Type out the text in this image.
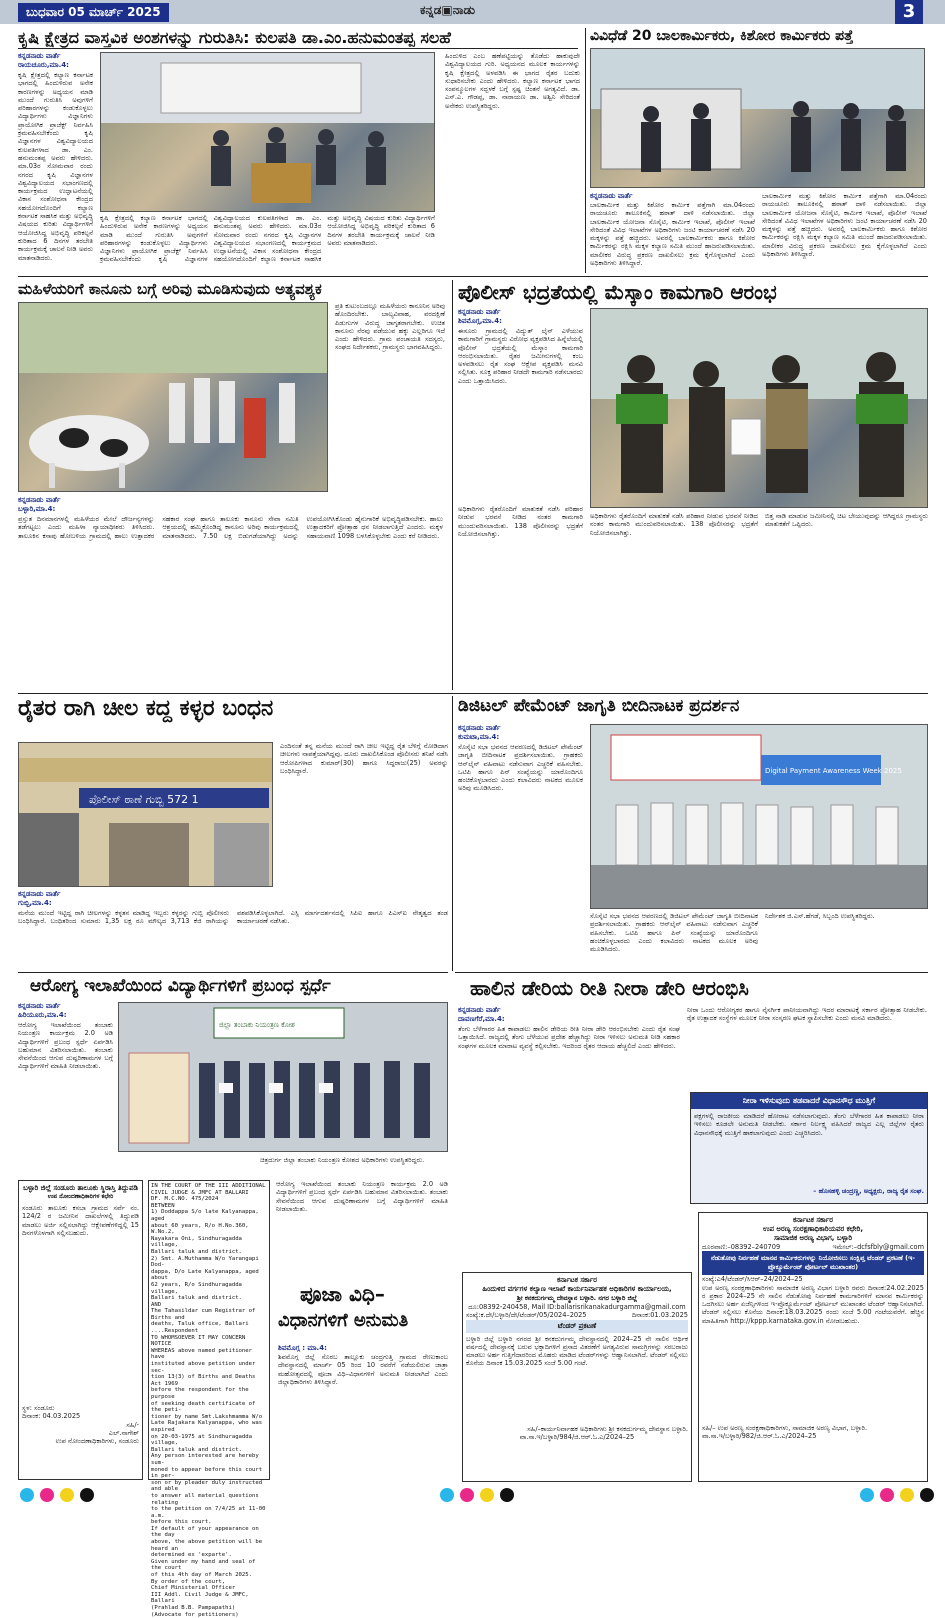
ಬುಧವಾರ 05 ಮಾರ್ಚ್ 2025	ಕನ್ನಡ▣ನಾಡು	3
ಕೃಷಿ ಕ್ಷೇತ್ರದ ವಾಸ್ತವಿಕ ಅಂಶಗಳನ್ನು ಗುರುತಿಸಿ: ಕುಲಪತಿ ಡಾ.ಎಂ.ಹನುಮಂತಪ್ಪ ಸಲಹೆ
ಕನ್ನಡನಾಡು ವಾರ್ತೆ
ರಾಯಚೂರು,ಮಾ.4:
ಕೃಷಿ ಕ್ಷೇತ್ರದಲ್ಲಿ ಕಲ್ಯಾಣ ಕರ್ನಾಟಕ ಭಾಗದಲ್ಲಿ ಹಿಂದುಳಿರುವ ಅನೇಕ ಕಾರಣಗಳನ್ನು ಅಧ್ಯಯನ ಮಾಡಿ ಮುಂದೆ ಗುರುತಿಸಿ ಅವುಗಳಿಗೆ ಪರಿಹಾರಗಳನ್ನು ಕಂಡುಕೊಳ್ಳಲು ವಿದ್ಯಾರ್ಥಿಗಳು ವಿಜ್ಞಾನಿಗಳು ಪ್ರಾಯೋಗಿಕ ಪ್ರಾಜೆಕ್ಟ್ ನಿರ್ವಹಿಸಿ ಕ್ರಮವಹಿಸಬೇಕೆಂದು ಕೃಷಿ ವಿಜ್ಞಾನಗಳ ವಿಶ್ವವಿದ್ಯಾಲಯದ ಕುಲಪತಿಗಳಾದ ಡಾ. ಎಂ. ಹನುಮಂತಪ್ಪ ಅವರು ಹೇಳಿದರು. ಮಾ.03ರ ಸೋಮವಾರ ರಂದು ನಗರದ ಕೃಷಿ ವಿಜ್ಞಾನಗಳ ವಿಶ್ವವಿದ್ಯಾಲಯದ ಸಭಾಂಗಣದಲ್ಲಿ ಕಾರ್ಯಕ್ರಮದ ಉದ್ಘಾಟನೆಯಲ್ಲಿ ವಿಕಾಸ ಸಂಶೋಧನಾ ಕೇಂದ್ರದ ಸಹಯೋಗದೊಂದಿಗೆ ಕಲ್ಯಾಣ ಕರ್ನಾಟಕ ಸಾಹಸಿಕ ಮತ್ತು ಅಭಿವೃದ್ಧಿ ವಿಷಯದ ಕುರಿತು ವಿದ್ಯಾರ್ಥಿಗಳಿಗೆ ಆಯೋಜಿಸಿದ್ದ ಅಭಿವೃದ್ಧಿ ಪರಿಕಲ್ಪನೆ ಕುರಿತಾದ 6 ದಿನಗಳ ತರಬೇತಿ ಕಾರ್ಯಕ್ರಮಕ್ಕೆ ಚಾಲನೆ ನೀಡಿ ಅವರು ಮಾತನಾಡಿದರು.
ಕೃಷಿ ಕ್ಷೇತ್ರದಲ್ಲಿ ಕಲ್ಯಾಣ ಕರ್ನಾಟಕ ಭಾಗದಲ್ಲಿ ಹಿಂದುಳಿರುವ ಅನೇಕ ಕಾರಣಗಳನ್ನು ಅಧ್ಯಯನ ಮಾಡಿ ಮುಂದೆ ಗುರುತಿಸಿ ಅವುಗಳಿಗೆ ಪರಿಹಾರಗಳನ್ನು ಕಂಡುಕೊಳ್ಳಲು ವಿದ್ಯಾರ್ಥಿಗಳು ವಿಜ್ಞಾನಿಗಳು ಪ್ರಾಯೋಗಿಕ ಪ್ರಾಜೆಕ್ಟ್ ನಿರ್ವಹಿಸಿ ಕ್ರಮವಹಿಸಬೇಕೆಂದು ಕೃಷಿ ವಿಜ್ಞಾನಗಳ ವಿಶ್ವವಿದ್ಯಾಲಯದ ಕುಲಪತಿಗಳಾದ ಡಾ. ಎಂ. ಹನುಮಂತಪ್ಪ ಅವರು ಹೇಳಿದರು. ಮಾ.03ರ ಸೋಮವಾರ ರಂದು ನಗರದ ಕೃಷಿ ವಿಜ್ಞಾನಗಳ ವಿಶ್ವವಿದ್ಯಾಲಯದ ಸಭಾಂಗಣದಲ್ಲಿ ಕಾರ್ಯಕ್ರಮದ ಉದ್ಘಾಟನೆಯಲ್ಲಿ ವಿಕಾಸ ಸಂಶೋಧನಾ ಕೇಂದ್ರದ ಸಹಯೋಗದೊಂದಿಗೆ ಕಲ್ಯಾಣ ಕರ್ನಾಟಕ ಸಾಹಸಿಕ ಮತ್ತು ಅಭಿವೃದ್ಧಿ ವಿಷಯದ ಕುರಿತು ವಿದ್ಯಾರ್ಥಿಗಳಿಗೆ ಆಯೋಜಿಸಿದ್ದ ಅಭಿವೃದ್ಧಿ ಪರಿಕಲ್ಪನೆ ಕುರಿತಾದ 6 ದಿನಗಳ ತರಬೇತಿ ಕಾರ್ಯಕ್ರಮಕ್ಕೆ ಚಾಲನೆ ನೀಡಿ ಅವರು ಮಾತನಾಡಿದರು.
ಹಿಂದುಳಿದ ಎಂಬ ಹಣೆಪಟ್ಟಿಯನ್ನು ತೊಡೆದು ಹಾಕುವುದೇ ವಿಶ್ವವಿದ್ಯಾಲಯದ ಗುರಿ. ಅಧ್ಯಯನದ ಮೂಲಕ ಕಾರ್ಯಗಳನ್ನು ಕೃಷಿ ಕ್ಷೇತ್ರದಲ್ಲಿ ಅಳವಡಿಸಿ ಈ ಭಾಗದ ರೈತರ ಬದುಕು ಸುಧಾರಿಸಬೇಕು ಎಂದು ಹೇಳಿದರು. ಕಲ್ಯಾಣ ಕರ್ನಾಟಕ ಭಾಗದ ಸಂಪನ್ಮೂಲಗಳ ಸದ್ಬಳಕೆ ಬಗ್ಗೆ ಸ್ಪಷ್ಟ ಚಿಂತನೆ ಅಗತ್ಯವಿದೆ. ಡಾ. ಎಸ್.ಎ. ಗೌಡಪ್ಪ, ಡಾ. ನಾರಾಯಣ ಡಾ. ಅಶ್ವಿನಿ ಸೇರಿದಂತೆ ಅನೇಕರು ಉಪಸ್ಥಿತರಿದ್ದರು.
ವಿವಿಧೆಡೆ 20 ಬಾಲಕಾರ್ಮಿಕರು, ಕಿಶೋರ ಕಾರ್ಮಿಕರು ಪತ್ತೆ
ಕನ್ನಡನಾಡು ವಾರ್ತೆ
ಬಾಲಕಾರ್ಮಿಕ ಮತ್ತು ಕಿಶೋರ ಕಾರ್ಮಿಕ ಪತ್ತೆಗಾಗಿ ಮಾ.04ರಂದು ರಾಯಚೂರು ತಾಲೂಕಿನಲ್ಲಿ ಹಠಾತ್ ದಾಳಿ ನಡೆಸಲಾಯಿತು. ಜಿಲ್ಲಾ ಬಾಲಕಾರ್ಮಿಕ ಯೋಜನಾ ಸೊಸೈಟಿ, ಕಾರ್ಮಿಕ ಇಲಾಖೆ, ಪೊಲೀಸ್ ಇಲಾಖೆ ಸೇರಿದಂತೆ ವಿವಿಧ ಇಲಾಖೆಗಳ ಅಧಿಕಾರಿಗಳು ಜಂಟಿ ಕಾರ್ಯಾಚರಣೆ ನಡೆಸಿ 20 ಮಕ್ಕಳನ್ನು ಪತ್ತೆ ಹಚ್ಚಿದರು. ಅವರಲ್ಲಿ ಬಾಲಕಾರ್ಮಿಕರು ಹಾಗೂ ಕಿಶೋರ ಕಾರ್ಮಿಕರನ್ನು ರಕ್ಷಿಸಿ ಮಕ್ಕಳ ಕಲ್ಯಾಣ ಸಮಿತಿ ಮುಂದೆ ಹಾಜರುಪಡಿಸಲಾಯಿತು. ಮಾಲೀಕರ ವಿರುದ್ಧ ಪ್ರಕರಣ ದಾಖಲಿಸಲು ಕ್ರಮ ಕೈಗೊಳ್ಳಲಾಗಿದೆ ಎಂದು ಅಧಿಕಾರಿಗಳು ತಿಳಿಸಿದ್ದಾರೆ.
ಬಾಲಕಾರ್ಮಿಕ ಮತ್ತು ಕಿಶೋರ ಕಾರ್ಮಿಕ ಪತ್ತೆಗಾಗಿ ಮಾ.04ರಂದು ರಾಯಚೂರು ತಾಲೂಕಿನಲ್ಲಿ ಹಠಾತ್ ದಾಳಿ ನಡೆಸಲಾಯಿತು. ಜಿಲ್ಲಾ ಬಾಲಕಾರ್ಮಿಕ ಯೋಜನಾ ಸೊಸೈಟಿ, ಕಾರ್ಮಿಕ ಇಲಾಖೆ, ಪೊಲೀಸ್ ಇಲಾಖೆ ಸೇರಿದಂತೆ ವಿವಿಧ ಇಲಾಖೆಗಳ ಅಧಿಕಾರಿಗಳು ಜಂಟಿ ಕಾರ್ಯಾಚರಣೆ ನಡೆಸಿ 20 ಮಕ್ಕಳನ್ನು ಪತ್ತೆ ಹಚ್ಚಿದರು. ಅವರಲ್ಲಿ ಬಾಲಕಾರ್ಮಿಕರು ಹಾಗೂ ಕಿಶೋರ ಕಾರ್ಮಿಕರನ್ನು ರಕ್ಷಿಸಿ ಮಕ್ಕಳ ಕಲ್ಯಾಣ ಸಮಿತಿ ಮುಂದೆ ಹಾಜರುಪಡಿಸಲಾಯಿತು. ಮಾಲೀಕರ ವಿರುದ್ಧ ಪ್ರಕರಣ ದಾಖಲಿಸಲು ಕ್ರಮ ಕೈಗೊಳ್ಳಲಾಗಿದೆ ಎಂದು ಅಧಿಕಾರಿಗಳು ತಿಳಿಸಿದ್ದಾರೆ.
ಮಹಿಳೆಯರಿಗೆ ಕಾನೂನು ಬಗ್ಗೆ ಅರಿವು ಮೂಡಿಸುವುದು ಅತ್ಯವಶ್ಯಕ
ಪ್ರತಿ ಕುಟುಂಬದಲ್ಲೂ ಮಹಿಳೆಯರು ಕಾನೂನಿನ ಅರಿವು ಹೊಂದಿರಬೇಕು. ಬಾಲ್ಯವಿವಾಹ, ವರದಕ್ಷಿಣೆ ಪಿಡುಗುಗಳ ವಿರುದ್ಧ ಜಾಗೃತರಾಗಬೇಕು. ಉಚಿತ ಕಾನೂನು ನೆರವು ಪಡೆಯುವ ಹಕ್ಕು ಎಲ್ಲರಿಗೂ ಇದೆ ಎಂದು ಹೇಳಿದರು. ಗ್ರಾಮ ಪಂಚಾಯತಿ ಸದಸ್ಯರು, ಸಂಘದ ನಿರ್ದೇಶಕರು, ಗ್ರಾಮಸ್ಥರು ಭಾಗವಹಿಸಿದ್ದರು.
ಕನ್ನಡನಾಡು ವಾರ್ತೆ
ಬಳ್ಳಾರಿ,ಮಾ.4:
ಪ್ರಸ್ತುತ ದಿನಮಾನಗಳಲ್ಲಿ ಮಹಿಳೆಯರ ಮೇಲೆ ದೌರ್ಜನ್ಯಗಳನ್ನು ತಡೆಗಟ್ಟಲು ಎಂದು ಮಹಿಳಾ ನ್ಯಾಯಾಧೀಶರು ತಿಳಿಸಿದರು. ತಾಲೂಕಿನ ಕಸಾಪು ಹೋಬಳಿಯ ಗ್ರಾಮದಲ್ಲಿ ಹಾಲು ಉತ್ಪಾದಕರ ಸಹಕಾರ ಸಂಘ ಹಾಗೂ ತಾಲೂಕು ಕಾನೂನು ಸೇವಾ ಸಮಿತಿ ಆಶ್ರಯದಲ್ಲಿ ಹಮ್ಮಿಕೊಂಡಿದ್ದ ಕಾನೂನು ಅರಿವು ಕಾರ್ಯಕ್ರಮದಲ್ಲಿ ಮಾತನಾಡಿದರು. 7.50 ಲಕ್ಷ ಬಿಡುಗಡೆಯಾಗಿದ್ದು ಅದನ್ನು ಉಪಯೋಗಿಸಿಕೊಂಡು ಹೈನುಗಾರಿಕೆ ಅಭಿವೃದ್ಧಿಪಡಿಸಬೇಕು. ಹಾಲು ಉತ್ಪಾದಕರಿಗೆ ಪ್ರೋತ್ಸಾಹ ಧನ ನೀಡಲಾಗುತ್ತಿದೆ ಎಂದರು. ಮಕ್ಕಳ ಸಹಾಯವಾಣಿ 1098 ಬಳಸಿಕೊಳ್ಳಬೇಕು ಎಂದು ಕರೆ ನೀಡಿದರು.
ಪೊಲೀಸ್ ಭದ್ರತೆಯಲ್ಲಿ ಮೆಸ್ಕಾಂ ಕಾಮಗಾರಿ ಆರಂಭ
ಕನ್ನಡನಾಡು ವಾರ್ತೆ
ಶಿವಮೊಗ್ಗ,ಮಾ.4:
ಈಸೂರು ಗ್ರಾಮದಲ್ಲಿ ವಿದ್ಯುತ್ ಲೈನ್ ಎಳೆಯುವ ಕಾಮಗಾರಿಗೆ ಗ್ರಾಮಸ್ಥರು ವಿರೋಧ ವ್ಯಕ್ತಪಡಿಸಿದ ಹಿನ್ನೆಲೆಯಲ್ಲಿ ಪೊಲೀಸ್ ಭದ್ರತೆಯಲ್ಲಿ ಮೆಸ್ಕಾಂ ಕಾಮಗಾರಿ ಆರಂಭಿಸಲಾಯಿತು. ರೈತರ ಜಮೀನುಗಳಲ್ಲಿ ಕಂಬ ಅಳವಡಿಸಲು ರೈತ ಸಂಘ ಆಕ್ಷೇಪ ವ್ಯಕ್ತಪಡಿಸಿ ಮನವಿ ಸಲ್ಲಿಸಿತು. ಸೂಕ್ತ ಪರಿಹಾರ ನೀಡದೇ ಕಾಮಗಾರಿ ನಡೆಸಬಾರದು ಎಂದು ಒತ್ತಾಯಿಸಿದರು.
ಅಧಿಕಾರಿಗಳು ರೈತರೊಂದಿಗೆ ಮಾತುಕತೆ ನಡೆಸಿ ಪರಿಹಾರ ನೀಡುವ ಭರವಸೆ ನೀಡಿದ ನಂತರ ಕಾಮಗಾರಿ ಮುಂದುವರಿಸಲಾಯಿತು. 138 ಪೊಲೀಸರನ್ನು ಭದ್ರತೆಗೆ ನಿಯೋಜಿಸಲಾಗಿತ್ತು.
ಬಿತ್ತ ನಾಡಿ ಮಾಡುವ ಜಮೀನಿನಲ್ಲಿ ಚಿಟ ಬೇಯುವುದನ್ನು ಆಗಿದ್ದರೂ ಗ್ರಾಮಸ್ಥರು ಮಾತುಕತೆಗೆ ಒಪ್ಪಿದರು.
ಅಧಿಕಾರಿಗಳು ರೈತರೊಂದಿಗೆ ಮಾತುಕತೆ ನಡೆಸಿ ಪರಿಹಾರ ನೀಡುವ ಭರವಸೆ ನೀಡಿದ ನಂತರ ಕಾಮಗಾರಿ ಮುಂದುವರಿಸಲಾಯಿತು. 138 ಪೊಲೀಸರನ್ನು ಭದ್ರತೆಗೆ ನಿಯೋಜಿಸಲಾಗಿತ್ತು.
ರೈತರ ರಾಗಿ ಚೀಲ ಕದ್ದ ಕಳ್ಳರ ಬಂಧನ
ಪೊಲೀಸ್ ಠಾಣೆ ಗುಬ್ಬಿ 572 1
ಎಂದಿನಂತೆ ತನ್ನ ಮನೆಯ ಮುಂದೆ ರಾಗಿ ಚೀಲ ಇಟ್ಟಿದ್ದ ರೈತ ಬೆಳಿಗ್ಗೆ ನೋಡಿದಾಗ ಚೀಲಗಳು ನಾಪತ್ತೆಯಾಗಿದ್ದವು. ದೂರು ದಾಖಲಿಸಿಕೊಂಡ ಪೊಲೀಸರು ತನಿಖೆ ನಡೆಸಿ ಆರೋಪಿಗಳಾದ ಕುಮಾರ್(30) ಹಾಗೂ ಸಿದ್ದರಾಜು(25) ಅವರನ್ನು ಬಂಧಿಸಿದ್ದಾರೆ.
ಕನ್ನಡನಾಡು ವಾರ್ತೆ
ಗುಬ್ಬಿ,ಮಾ.4:
ಮನೆಯ ಮುಂದೆ ಇಟ್ಟಿದ್ದ ರಾಗಿ ಚೀಲಗಳನ್ನು ಕಳ್ಳತನ ಮಾಡಿದ್ದ ಇಬ್ಬರು ಕಳ್ಳರನ್ನು ಗುಬ್ಬಿ ಪೊಲೀಸರು ಬಂಧಿಸಿದ್ದಾರೆ. ಬಂಧಿತರಿಂದ ಸುಮಾರು 1,35 ಲಕ್ಷ ರೂ ಮೌಲ್ಯದ 3,713 ಕೆಜಿ ರಾಗಿಯನ್ನು ವಶಪಡಿಸಿಕೊಳ್ಳಲಾಗಿದೆ. ಎಸ್ಪಿ ಮಾರ್ಗದರ್ಶನದಲ್ಲಿ ಸಿಪಿಐ ಹಾಗೂ ಪಿಎಸ್ಐ ನೇತೃತ್ವದ ತಂಡ ಕಾರ್ಯಾಚರಣೆ ನಡೆಸಿತು.
ಡಿಜಿಟಲ್ ಪೇಮೆಂಟ್ ಜಾಗೃತಿ ಬೀದಿನಾಟಕ ಪ್ರದರ್ಶನ
ಕನ್ನಡನಾಡು ವಾರ್ತೆ
ಕುಮಟಾ,ಮಾ.4:
ಸೊಸೈಟಿ ಸಭಾ ಭವನದ ಆವರಣದಲ್ಲಿ ಡಿಜಿಟಲ್ ಪೇಮೆಂಟ್ ಜಾಗೃತಿ ಬೀದಿನಾಟಕ ಪ್ರದರ್ಶಿಸಲಾಯಿತು. ಗ್ರಾಹಕರು ಆನ್‌ಲೈನ್ ವಹಿವಾಟು ನಡೆಸುವಾಗ ಎಚ್ಚರಿಕೆ ವಹಿಸಬೇಕು. ಒಟಿಪಿ ಹಾಗೂ ಪಿನ್ ಸಂಖ್ಯೆಯನ್ನು ಯಾರೊಂದಿಗೂ ಹಂಚಿಕೊಳ್ಳಬಾರದು ಎಂದು ಕಲಾವಿದರು ನಾಟಕದ ಮೂಲಕ ಅರಿವು ಮೂಡಿಸಿದರು.
Digital Payment Awareness Week 2025
ಸೊಸೈಟಿ ಸಭಾ ಭವನದ ಆವರಣದಲ್ಲಿ ಡಿಜಿಟಲ್ ಪೇಮೆಂಟ್ ಜಾಗೃತಿ ಬೀದಿನಾಟಕ ಪ್ರದರ್ಶಿಸಲಾಯಿತು. ಗ್ರಾಹಕರು ಆನ್‌ಲೈನ್ ವಹಿವಾಟು ನಡೆಸುವಾಗ ಎಚ್ಚರಿಕೆ ವಹಿಸಬೇಕು. ಒಟಿಪಿ ಹಾಗೂ ಪಿನ್ ಸಂಖ್ಯೆಯನ್ನು ಯಾರೊಂದಿಗೂ ಹಂಚಿಕೊಳ್ಳಬಾರದು ಎಂದು ಕಲಾವಿದರು ನಾಟಕದ ಮೂಲಕ ಅರಿವು ಮೂಡಿಸಿದರು.
ನಿರ್ದೇಶಕ ಜಿ.ಎಸ್.ಹೆಗಡೆ, ಸಿಬ್ಬಂದಿ ಉಪಸ್ಥಿತರಿದ್ದರು.
ಹಾಲಿನ ಡೇರಿಯ ರೀತಿ ನೀರಾ ಡೇರಿ ಆರಂಭಿಸಿ
ಕನ್ನಡನಾಡು ವಾರ್ತೆ
ದಾವಣಗೆರೆ,ಮಾ.4:
ತೆಂಗು ಬೆಳೆಗಾರರ ಹಿತ ಕಾಪಾಡಲು ಹಾಲಿನ ಡೇರಿಯ ರೀತಿ ನೀರಾ ಡೇರಿ ಆರಂಭಿಸಬೇಕು ಎಂದು ರೈತ ಸಂಘ ಒತ್ತಾಯಿಸಿದೆ. ರಾಜ್ಯದಲ್ಲಿ ತೆಂಗು ಬೆಳೆಯುವ ಪ್ರದೇಶ ಹೆಚ್ಚಾಗಿದ್ದು ನೀರಾ ಇಳಿಸಲು ಅನುಮತಿ ನೀಡಿ ಸಹಕಾರ ಸಂಘಗಳ ಮೂಲಕ ಮಾರಾಟ ವ್ಯವಸ್ಥೆ ಕಲ್ಪಿಸಬೇಕು. ಇದರಿಂದ ರೈತರ ಆದಾಯ ಹೆಚ್ಚಲಿದೆ ಎಂದು ಹೇಳಿದರು.
ನೀರಾ ಒಂದು ಆರೋಗ್ಯಕರ ಹಾಗೂ ನೈಸರ್ಗಿಕ ಪಾನೀಯವಾಗಿದ್ದು ಇದರ ಮಾರಾಟಕ್ಕೆ ಸರ್ಕಾರ ಪ್ರೋತ್ಸಾಹ ನೀಡಬೇಕು. ರೈತ ಉತ್ಪಾದಕ ಸಂಸ್ಥೆಗಳ ಮೂಲಕ ನೀರಾ ಸಂಸ್ಕರಣ ಘಟಕ ಸ್ಥಾಪಿಸಬೇಕು ಎಂದು ಮನವಿ ಮಾಡಿದರು.
ನೀರಾ ಇಳಿಸುವುದು ತಡವಾದರೆ ವಿಧಾನಸೌಧ ಮುತ್ತಿಗೆ
ಪಕ್ಷಗಳಲ್ಲಿ ರಾಜಕೀಯ ಮಾಡಿದರೆ ಹೋರಾಟ ನಡೆಸಲಾಗುವುದು. ತೆಂಗು ಬೆಳೆಗಾರರ ಹಿತ ಕಾಪಾಡಲು ನೀರಾ ಇಳಿಸಲು ಕೂಡಲೇ ಅನುಮತಿ ನೀಡಬೇಕು. ಸರ್ಕಾರ ನಿರ್ಲಕ್ಷ್ಯ ವಹಿಸಿದರೆ ರಾಜ್ಯದ ಎಲ್ಲ ಜಿಲ್ಲೆಗಳ ರೈತರು ವಿಧಾನಸೌಧಕ್ಕೆ ಮುತ್ತಿಗೆ ಹಾಕಲಾಗುವುದು ಎಂದು ಎಚ್ಚರಿಸಿದರು.
– ಹೊಸಹಳ್ಳಿ ಚಂದ್ರಣ್ಣ, ಅಧ್ಯಕ್ಷರು, ರಾಜ್ಯ ರೈತ ಸಂಘ.
ಆರೋಗ್ಯ ಇಲಾಖೆಯಿಂದ ವಿದ್ಯಾರ್ಥಿಗಳಿಗೆ ಪ್ರಬಂಧ ಸ್ಪರ್ಧೆ
ಕನ್ನಡನಾಡು ವಾರ್ತೆ
ಹಿರಿಯೂರು,ಮಾ.4:
ಆರೋಗ್ಯ ಇಲಾಖೆಯಿಂದ ತಂಬಾಕು ನಿಯಂತ್ರಣ ಕಾರ್ಯಕ್ರಮ 2.0 ಅಡಿ ವಿದ್ಯಾರ್ಥಿಗಳಿಗೆ ಪ್ರಬಂಧ ಸ್ಪರ್ಧೆ ಏರ್ಪಡಿಸಿ ಬಹುಮಾನ ವಿತರಿಸಲಾಯಿತು. ತಂಬಾಕು ಸೇವನೆಯಿಂದ ಆಗುವ ದುಷ್ಪರಿಣಾಮಗಳ ಬಗ್ಗೆ ವಿದ್ಯಾರ್ಥಿಗಳಿಗೆ ಮಾಹಿತಿ ನೀಡಲಾಯಿತು.
ಜಿಲ್ಲಾ ತಂಬಾಕು ನಿಯಂತ್ರಣ ಕೋಶ
ಚಿತ್ರದುರ್ಗ ಜಿಲ್ಲಾ ತಂಬಾಕು ನಿಯಂತ್ರಣ ಕೋಶದ ಅಧಿಕಾರಿಗಳು ಉಪಸ್ಥಿತರಿದ್ದರು.
ಬಳ್ಳಾರಿ ಜಿಲ್ಲೆ ಸಂಡೂರು ತಾಲೂಕು ಸ್ಥಿರಾಸ್ತಿ ತಿದ್ದುಪಡಿ
ಉಪ ನೋಂದಣಾಧಿಕಾರಿಗಳ ಕಛೇರಿ
ಸಂಡೂರು ತಾಲೂಕು ಕಸಬಾ ಗ್ರಾಮದ ಸರ್ವೆ ನಂ. 124/2 ರ ಜಮೀನಿನ ದಾಖಲೆಗಳಲ್ಲಿ ತಿದ್ದುಪಡಿ ಮಾಡಲು ಅರ್ಜಿ ಸಲ್ಲಿಸಲಾಗಿದ್ದು ಆಕ್ಷೇಪಣೆಗಳಿದ್ದಲ್ಲಿ 15 ದಿನಗಳೊಳಗಾಗಿ ಸಲ್ಲಿಸಬಹುದು.
ಸ್ಥಳ: ಸಂಡೂರು
ದಿನಾಂಕ: 04.03.2025
ಸಹಿ/-
ಎಲ್.ನಾಗೇಶ್
ಉಪ ನೋಂದಣಾಧಿಕಾರಿಗಳು, ಸಂಡೂರು
IN THE COURT OF THE III ADDITIONAL
CIVIL JUDGE & JMFC AT BALLARI
DF. M.C.NO. 475/2024
BETWEEN
1) Doddappa S/o late Kalyanappa, aged
about 60 years, R/o H.No.360, W.No.2,
Nayakara Oni, Sindhuragadda village,
Ballari taluk and district.
2) Smt. A.Muthamma W/o Yarangapi Dod-
dappa, D/o Late Kalyanappa, aged about
62 years, R/o Sindhuragadda village,
Ballari taluk and district.
AND
The Tahasildar cum Registrar of Births and
deaths, Taluk office, Ballari
....Respondent
TO WHOMSOEVER IT MAY CONCERN
NOTICE
WHEREAS above named petitioner have
instituted above petition under sec-
tion 13(3) of Births and Deaths Act 1969
before the respondent for the purpose
of seeking death certificate of the peti-
tioner by name Smt.Lakshmamma W/o
Late Rajakara Kalyanappa, who was expired
on 20-03-1975 at Sindhuragadda village,
Ballari taluk and district.
Any person interested are hereby sum-
moned to appear before this court in per-
son or by pleader duly instructed and able
to answer all material questions relating
to the petition on 7/4/25 at 11-00 a.m.
before this court.
If default of your appearance on the day
above, the above petition will be heard an
determined ex 'exparte'.
Given under my hand and seal of the court
of this 4th day of March 2025.
By order of the court,
Chief Ministerial Officer
III Addl. Civil Judge & JMFC, Ballari
(Prahlad B.B. Pampapathi)
(Advocate for petitioners)
ಆರೋಗ್ಯ ಇಲಾಖೆಯಿಂದ ತಂಬಾಕು ನಿಯಂತ್ರಣ ಕಾರ್ಯಕ್ರಮ 2.0 ಅಡಿ ವಿದ್ಯಾರ್ಥಿಗಳಿಗೆ ಪ್ರಬಂಧ ಸ್ಪರ್ಧೆ ಏರ್ಪಡಿಸಿ ಬಹುಮಾನ ವಿತರಿಸಲಾಯಿತು. ತಂಬಾಕು ಸೇವನೆಯಿಂದ ಆಗುವ ದುಷ್ಪರಿಣಾಮಗಳ ಬಗ್ಗೆ ವಿದ್ಯಾರ್ಥಿಗಳಿಗೆ ಮಾಹಿತಿ ನೀಡಲಾಯಿತು.
ಪೂಜಾ ವಿಧಿ–
ವಿಧಾನಗಳಿಗೆ ಅನುಮತಿ
ಶಿವಮೊಗ್ಗ : ಮಾ.4:
ಶಿವಮೊಗ್ಗ ಜಿಲ್ಲೆ ಸೊರಬ ತಾಲ್ಲೂಕು ಚಂದ್ರಗುತ್ತಿ ಗ್ರಾಮದ ರೇಣುಕಾಂಬ ದೇವಸ್ಥಾನದಲ್ಲಿ ಮಾರ್ಚ್ 05 ರಿಂದ 10 ರವರೆಗೆ ನಡೆಯಲಿರುವ ಜಾತ್ರಾ ಮಹೋತ್ಸವದಲ್ಲಿ ಪೂಜಾ ವಿಧಿ–ವಿಧಾನಗಳಿಗೆ ಅನುಮತಿ ನೀಡಲಾಗಿದೆ ಎಂದು ಜಿಲ್ಲಾಧಿಕಾರಿಗಳು ತಿಳಿಸಿದ್ದಾರೆ.
ಕರ್ನಾಟಕ ಸರ್ಕಾರ
ಹಿಂದುಳಿದ ವರ್ಗಗಳ ಕಲ್ಯಾಣ ಇಲಾಖೆ ಕಾರ್ಯನಿರ್ವಾಹಕ ಅಧಿಕಾರಿಗಳ ಕಾರ್ಯಾಲಯ,
ಶ್ರೀ ಕನಕದುರ್ಗಮ್ಮ ದೇವಸ್ಥಾನ ಬಳ್ಳಾರಿ. ನಗರ ಬಳ್ಳಾರಿ ಜಿಲ್ಲೆ
ದೂ:08392-240458, Mail ID:ballarisrikanakadurgamma@gmail.com
ಸಂಖ್ಯೆ:ಕ.ದೇ/ಬಳ್ಳಾರಿ/ದೇ/ಟೆಂಡರ್/05/2024–2025	ದಿನಾಂಕ:01.03.2025
ಟೆಂಡರ್ ಪ್ರಕಟಣೆ
ಬಳ್ಳಾರಿ ಜಿಲ್ಲೆ ಬಳ್ಳಾರಿ ನಗರದ ಶ್ರೀ ಕನಕದುರ್ಗಮ್ಮ ದೇವಸ್ಥಾನದಲ್ಲಿ 2024–25 ನೇ ಸಾಲಿನ ಆರ್ಥಿಕ ವರ್ಷದಲ್ಲಿ ದೇವಸ್ಥಾನಕ್ಕೆ ಬರುವ ಭಕ್ತಾದಿಗಳಿಗೆ ಪ್ರಸಾದ ವಿತರಣೆಗೆ ಅಗತ್ಯವಿರುವ ಸಾಮಗ್ರಿಗಳನ್ನು ಸರಬರಾಜು ಮಾಡಲು ಅರ್ಹ ಗುತ್ತಿಗೆದಾರರಿಂದ ಮೊಹರು ಮಾಡಿದ ಟೆಂಡರ್‌ಗಳನ್ನು ಆಹ್ವಾನಿಸಲಾಗಿದೆ. ಟೆಂಡರ್ ಸಲ್ಲಿಸಲು ಕೊನೆಯ ದಿನಾಂಕ 15.03.2025 ಸಂಜೆ 5.00 ಗಂಟೆ.
ಸಹಿ/–ಕಾರ್ಯನಿರ್ವಾಹಕ ಅಧಿಕಾರಿಗಳು ಶ್ರೀ ಕನಕದುರ್ಗಮ್ಮ ದೇವಸ್ಥಾನ ಬಳ್ಳಾರಿ.
ವಾ.ಸಾ.ಇ/ಬಳ್ಳಾರಿ/984/ಜಿ.ಆರ್.ಓ.ಎ/2024–25
ಕರ್ನಾಟಕ ಸರ್ಕಾರ
ಉಪ ಅರಣ್ಯ ಸಂರಕ್ಷಣಾಧಿಕಾರಿಯವರ ಕಛೇರಿ,
ಸಾಮಾಜಿಕ ಅರಣ್ಯ ವಿಭಾಗ, ಬಳ್ಳಾರಿ
ದೂರವಾಣಿ:–08392–240709	ಇಮೇಲ್:–dcfsfbly@gmail.com
ನೆಡುತೋಪು ನಿರ್ವಹಣೆ ಮಾನವ ಕಾರ್ಮಿಕರುಗಳನ್ನು ನಿಯೋಜಿಸಲು ಸಂಕ್ಷಿಪ್ತ ಟೆಂಡರ್ ಪ್ರಕಟಣೆ (ಇ-ಪ್ರೊಕ್ಯೂರ್ಮೆಂಟ್ ಪೋರ್ಟಲ್ ಮುಖಾಂತರ)
ಸಂಖ್ಯೆ:ಎ4/ಟೆಂಡರ್/ಸಿಆರ್–24/2024–25
ಉಪ ಅರಣ್ಯ ಸಂರಕ್ಷಣಾಧಿಕಾರಿಗಳು ಸಾಮಾಜಿಕ ಅರಣ್ಯ ವಿಭಾಗ ಬಳ್ಳಾರಿ ರವರು ದಿನಾಂಕ:24.02.2025 ರ ಪ್ರಕಾರ 2024–25 ನೇ ಸಾಲಿನ ನೆಡುತೋಪು ನಿರ್ವಹಣೆ ಕಾಮಗಾರಿಗಳಿಗೆ ಮಾನವ ಕಾರ್ಮಿಕರನ್ನು ಒದಗಿಸಲು ಅರ್ಹ ಏಜೆನ್ಸಿಗಳಿಂದ ಇ-ಪ್ರೊಕ್ಯೂರ್ಮೆಂಟ್ ಪೋರ್ಟಲ್ ಮುಖಾಂತರ ಟೆಂಡರ್ ಆಹ್ವಾನಿಸಲಾಗಿದೆ. ಟೆಂಡರ್ ಸಲ್ಲಿಸಲು ಕೊನೆಯ ದಿನಾಂಕ:18.03.2025 ರಂದು ಸಂಜೆ 5.00 ಗಂಟೆಯವರೆಗೆ. ಹೆಚ್ಚಿನ ಮಾಹಿತಿಗಾಗಿ http://kppp.karnataka.gov.in ನೋಡಬಹುದು.
ಸಹಿ/– ಉಪ ಅರಣ್ಯ ಸಂರಕ್ಷಣಾಧಿಕಾರಿಗಳು, ಸಾಮಾಜಿಕ ಅರಣ್ಯ ವಿಭಾಗ, ಬಳ್ಳಾರಿ.
ವಾ.ಸಾ.ಇ/ಬಳ್ಳಾರಿ/982/ಜಿ.ಆರ್.ಓ.ಎ/2024–25
